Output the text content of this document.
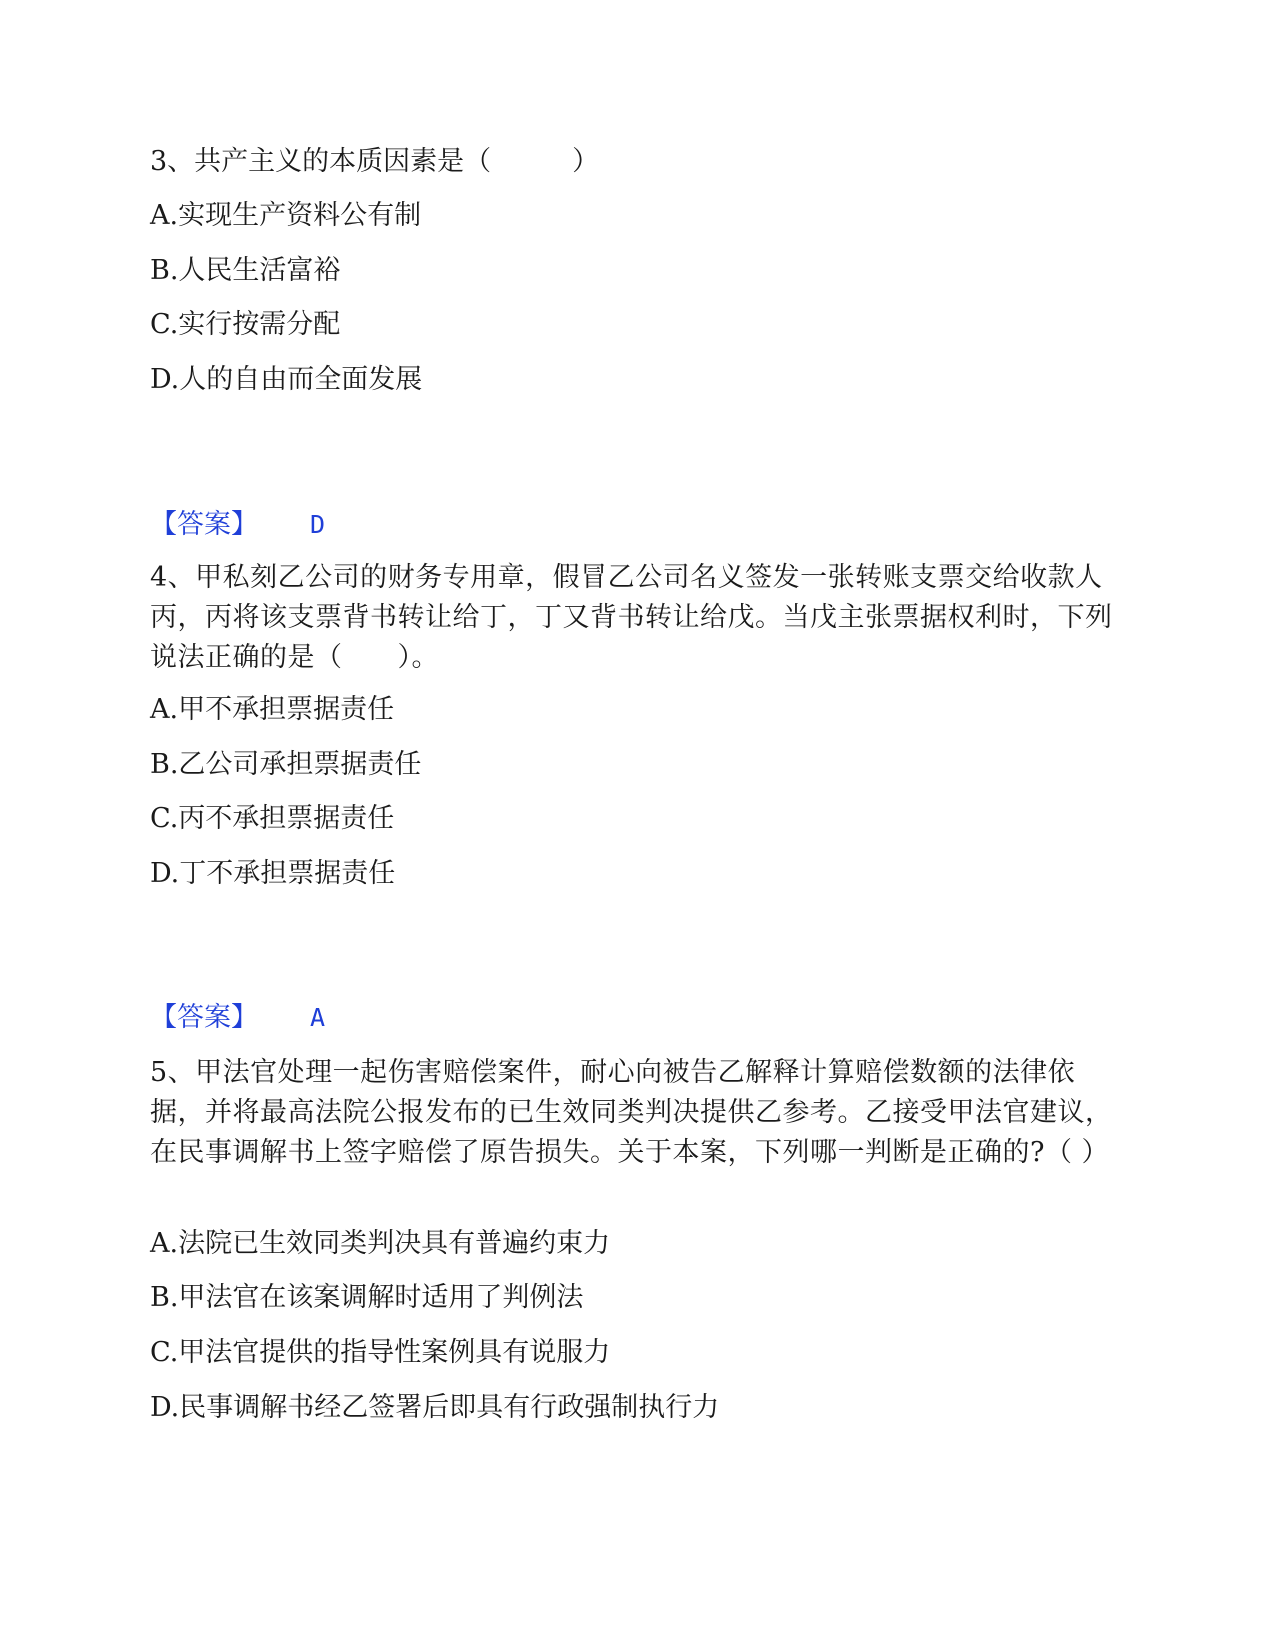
3、共产主义的本质因素是（　　　）
A.实现生产资料公有制
B.人民生活富裕
C.实行按需分配
D.人的自由而全面发展
【答案】 D
4、甲私刻乙公司的财务专用章，假冒乙公司名义签发一张转账支票交给收款人丙，丙将该支票背书转让给丁，丁又背书转让给戊。当戊主张票据权利时，下列说法正确的是（　　）。
A.甲不承担票据责任
B.乙公司承担票据责任
C.丙不承担票据责任
D.丁不承担票据责任
【答案】 A
5、甲法官处理一起伤害赔偿案件，耐心向被告乙解释计算赔偿数额的法律依据，并将最高法院公报发布的已生效同类判决提供乙参考。乙接受甲法官建议，在民事调解书上签字赔偿了原告损失。关于本案，下列哪一判断是正确的?（ ）
A.法院已生效同类判决具有普遍约束力
B.甲法官在该案调解时适用了判例法
C.甲法官提供的指导性案例具有说服力
D.民事调解书经乙签署后即具有行政强制执行力
